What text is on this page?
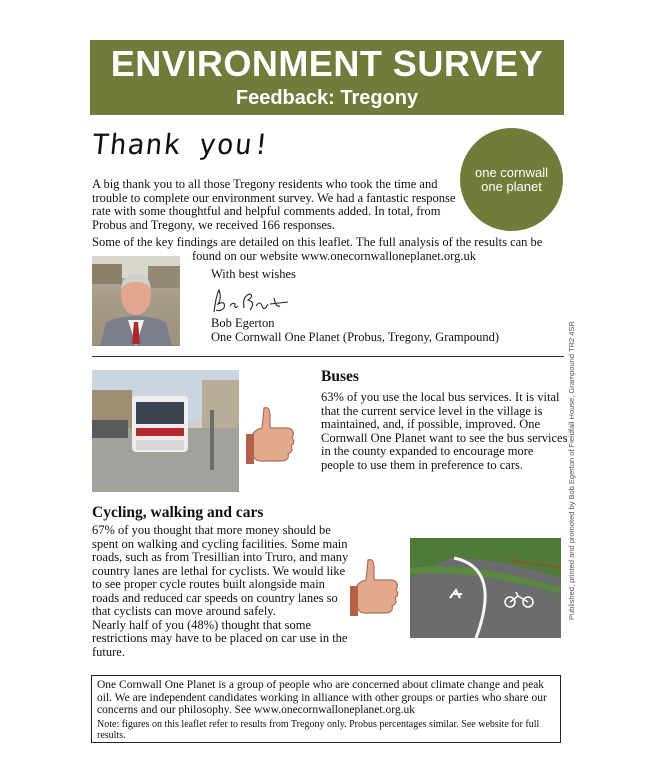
ENVIRONMENT SURVEY
Feedback: Tregony
Thank you!
one cornwall
one planet
A big thank you to all those Tregony residents who took the time and trouble to complete our environment survey. We had a fantastic response rate with some thoughtful and helpful comments added. In total, from Probus and Tregony, we received 166 responses.
Some of the key findings are detailed on this leaflet. The full analysis of the results can be
found on our website www.onecornwalloneplanet.org.uk
With best wishes
Bob Egerton
One Cornwall One Planet (Probus, Tregony, Grampound)
Buses
63% of you use the local bus services. It is vital that the current service level in the village is maintained, and, if possible, improved. One Cornwall One Planet want to see the bus services in the county expanded to encourage more people to use them in preference to cars.
Cycling, walking and cars
67% of you thought that more money should be spent on walking and cycling facilities. Some main roads, such as from Tresillian into Truro, and many country lanes are lethal for cyclists. We would like to see proper cycle routes built alongside main roads and reduced car speeds on country lanes so that cyclists can move around safely.
Nearly half of you (48%) thought that some restrictions may have to be placed on car use in the future.
Published, printed and promoted by Bob Egerton of Fieldfall House, Grampound TR2 4SR
One Cornwall One Planet is a group of people who are concerned about climate change and peak oil. We are independent candidates working in alliance with other groups or parties who share our concerns and our philosophy. See www.onecornwalloneplanet.org.uk
Note: figures on this leaflet refer to results from Tregony only. Probus percentages similar. See website for full results.
